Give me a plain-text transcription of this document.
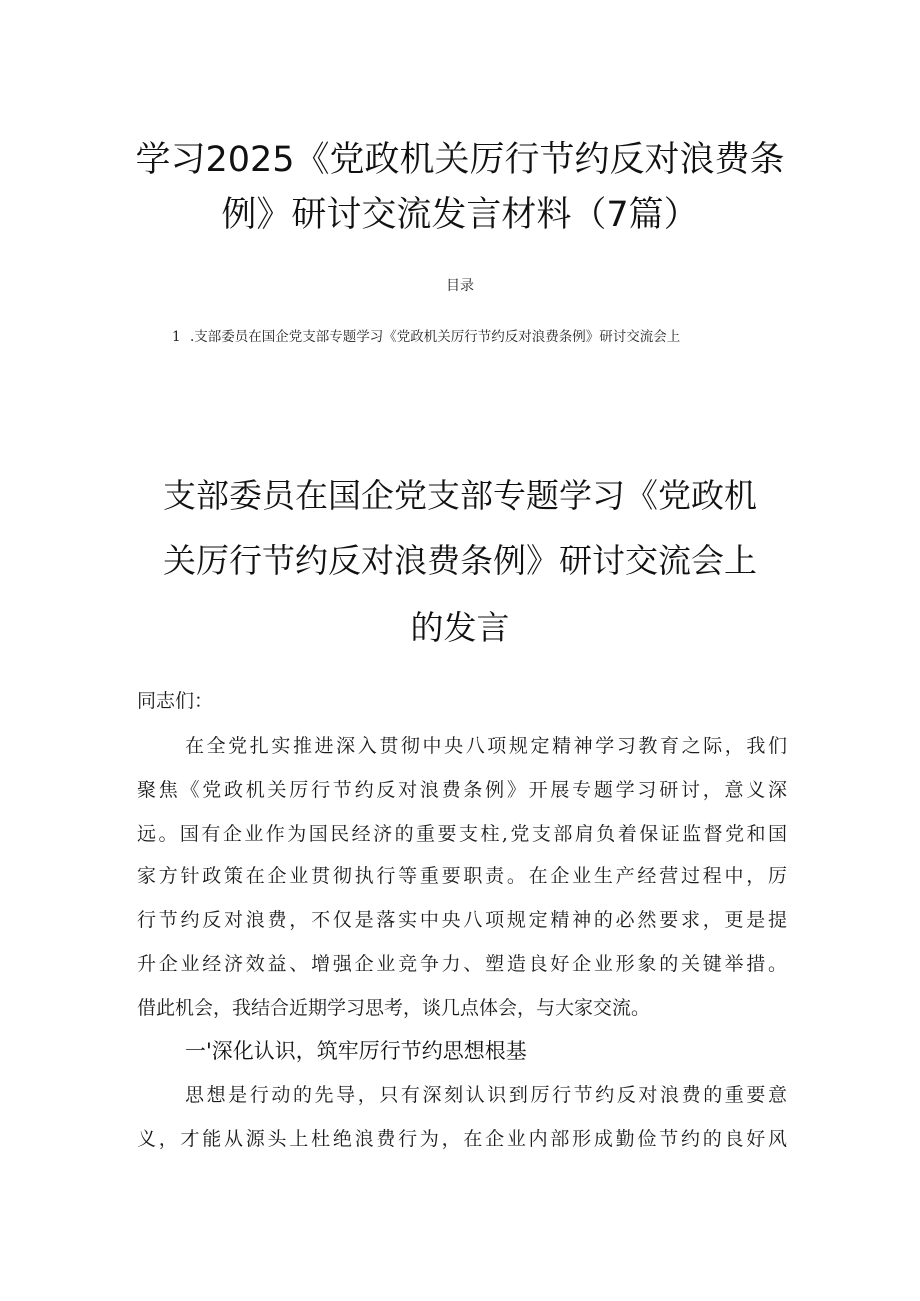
学习2025《党政机关厉行节约反对浪费条
例》研讨交流发言材料（7篇）
目录
1 .支部委员在国企党支部专题学习《党政机关厉行节约反对浪费条例》研讨交流会上
支部委员在国企党支部专题学习《党政机
关厉行节约反对浪费条例》研讨交流会上
的发言
同志们：
在全党扎实推进深入贯彻中央八项规定精神学习教育之际，我们
聚焦《党政机关厉行节约反对浪费条例》开展专题学习研讨，意义深
远。国有企业作为国民经济的重要支柱,党支部肩负着保证监督党和国
家方针政策在企业贯彻执行等重要职责。在企业生产经营过程中，厉
行节约反对浪费，不仅是落实中央八项规定精神的必然要求，更是提
升企业经济效益、增强企业竞争力、塑造良好企业形象的关键举措。
借此机会，我结合近期学习思考，谈几点体会，与大家交流。
一'深化认识，筑牢厉行节约思想根基
思想是行动的先导，只有深刻认识到厉行节约反对浪费的重要意
义，才能从源头上杜绝浪费行为，在企业内部形成勤俭节约的良好风
